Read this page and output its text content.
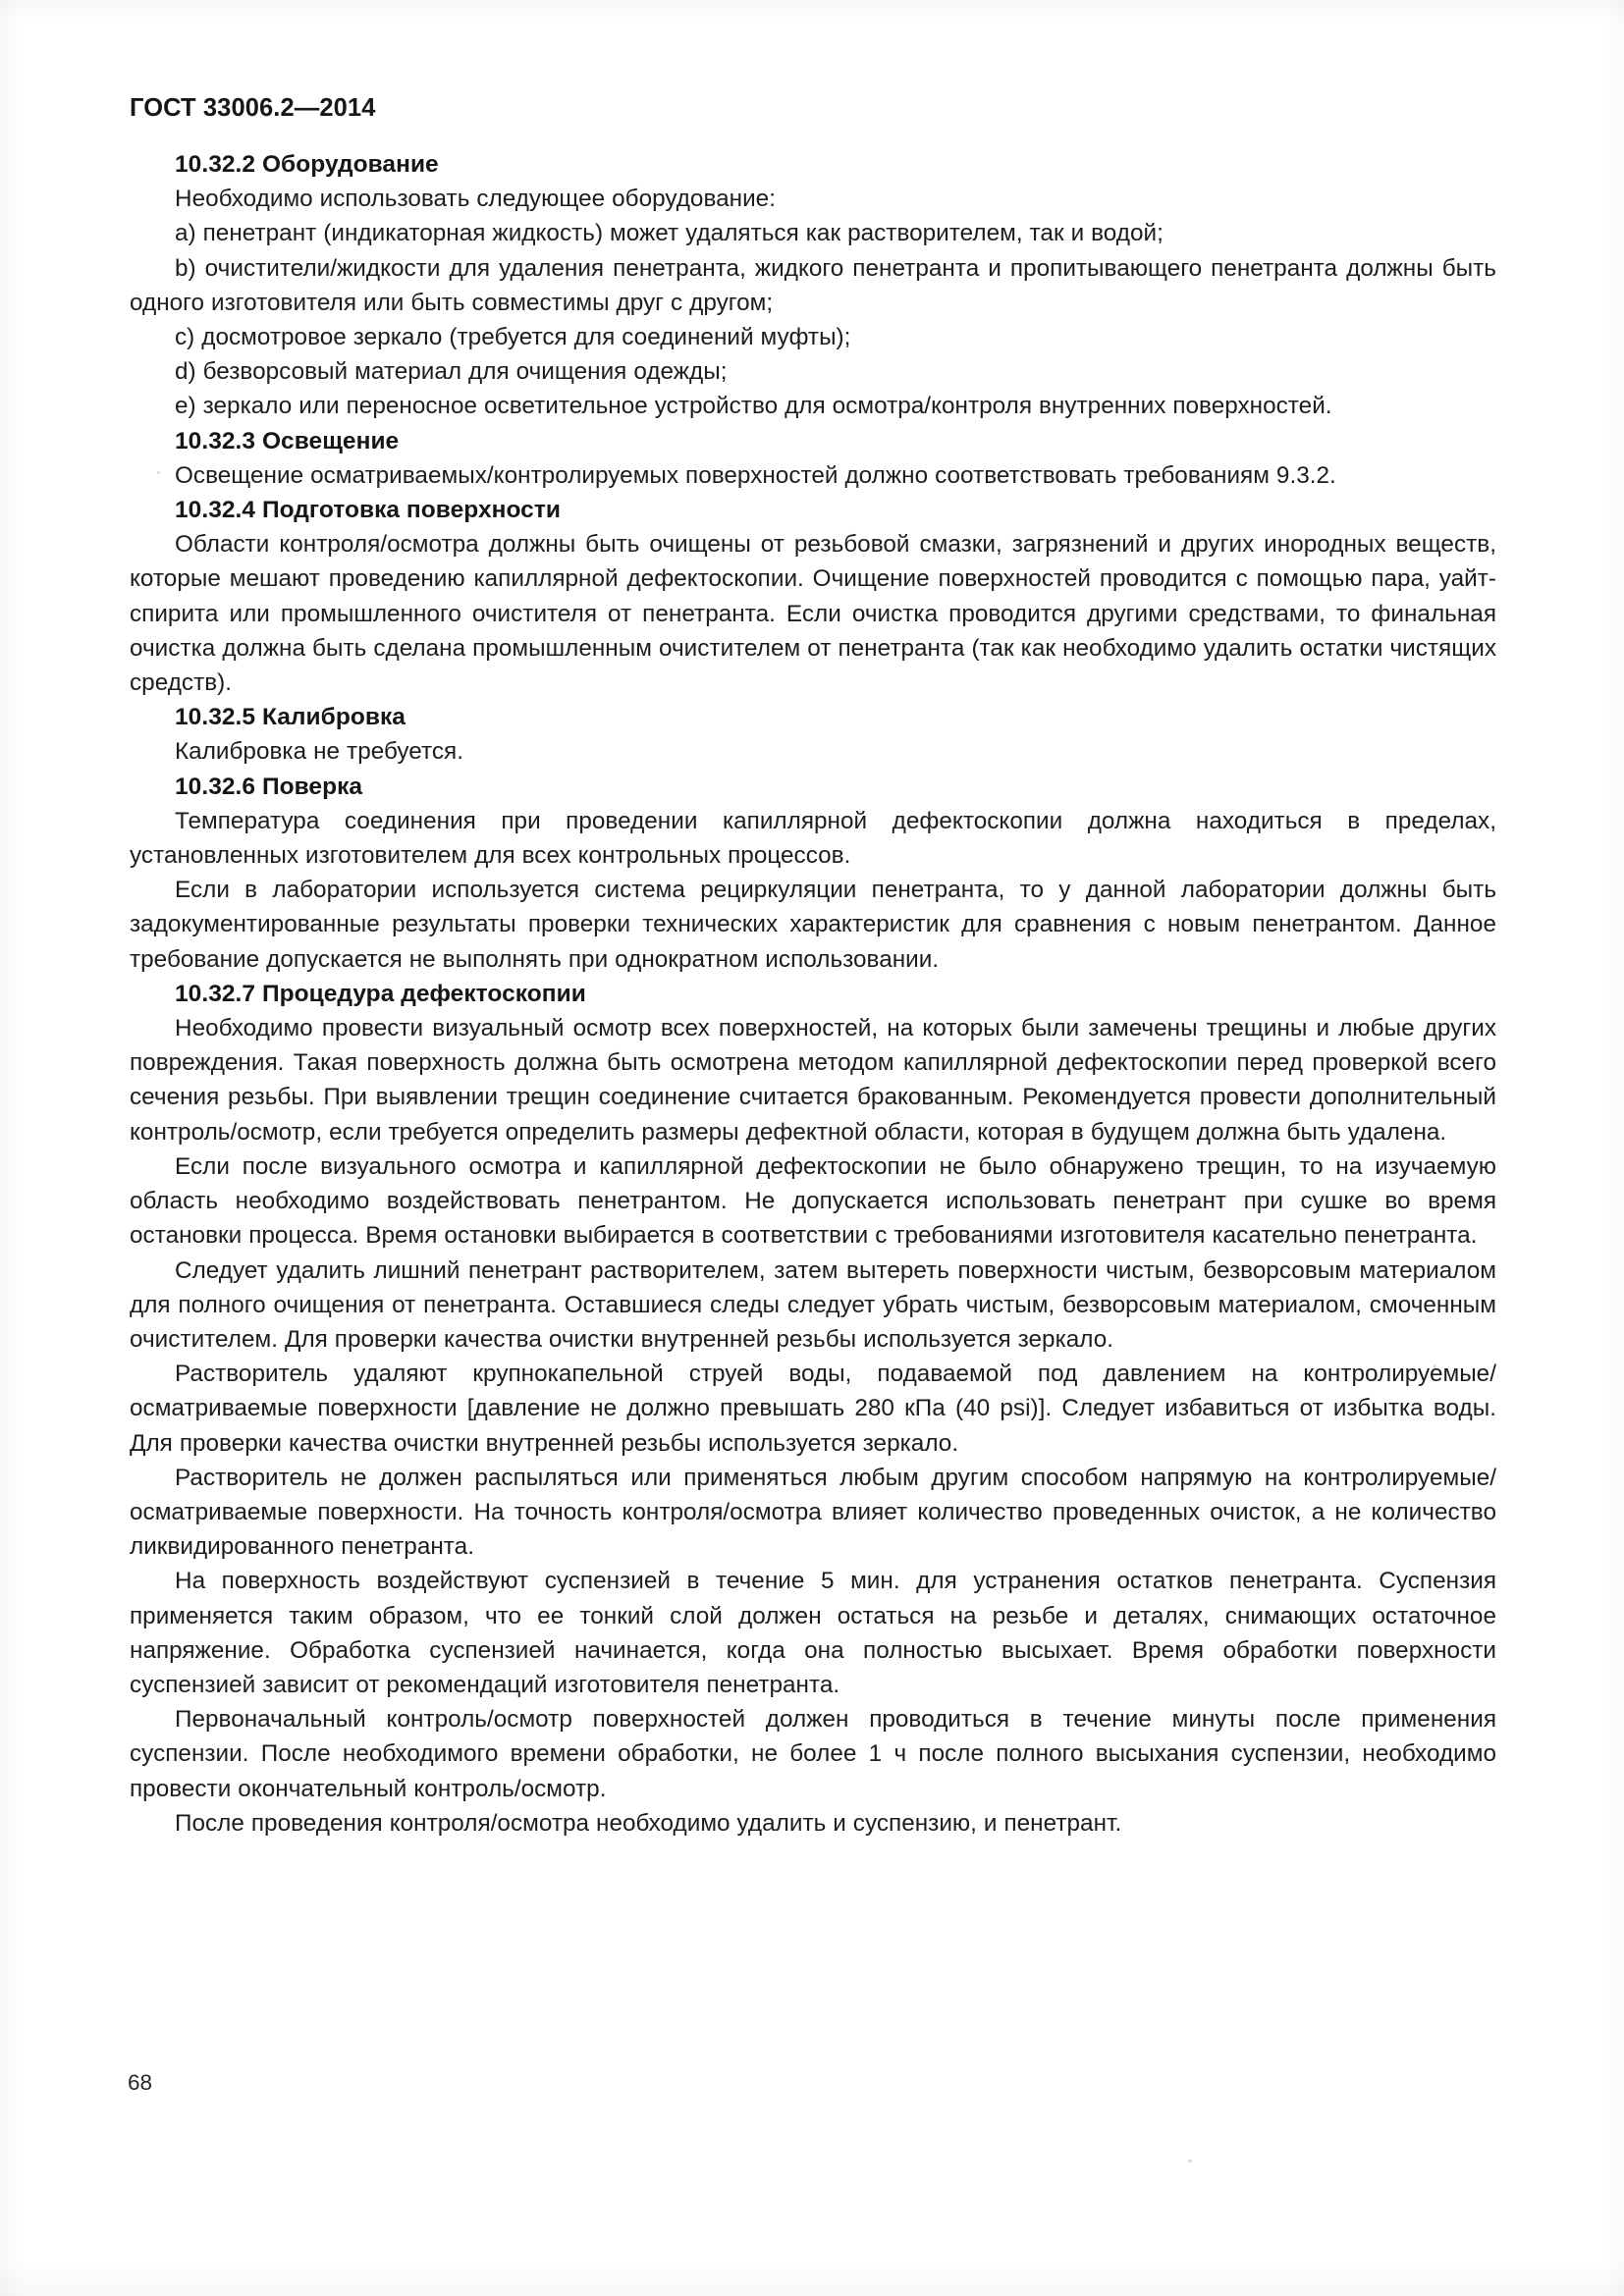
ГОСТ 33006.2—2014
10.32.2 Оборудование

Необходимо использовать следующее оборудование:

a) пенетрант (индикаторная жидкость) может удаляться как растворителем, так и водой;

b) очистители/жидкости для удаления пенетранта, жидкого пенетранта и пропитывающего пенетранта должны быть одного изготовителя или быть совместимы друг с другом;

c) досмотровое зеркало (требуется для соединений муфты);

d) безворсовый материал для очищения одежды;

e) зеркало или переносное осветительное устройство для осмотра/контроля внутренних поверхностей.

10.32.3 Освещение

Освещение осматриваемых/контролируемых поверхностей должно соответствовать требованиям 9.3.2.

10.32.4 Подготовка поверхности

Области контроля/осмотра должны быть очищены от резьбовой смазки, загрязнений и других инородных веществ, которые мешают проведению капиллярной дефектоскопии. Очищение поверхностей проводится с помощью пара, уайт-спирита или промышленного очистителя от пенетранта. Если очистка проводится другими средствами, то финальная очистка должна быть сделана промышленным очистителем от пенетранта (так как необходимо удалить остатки чистящих средств).

10.32.5 Калибровка

Калибровка не требуется.

10.32.6 Поверка

Температура соединения при проведении капиллярной дефектоскопии должна находиться в пределах, установленных изготовителем для всех контрольных процессов.

Если в лаборатории используется система рециркуляции пенетранта, то у данной лаборатории должны быть задокументированные результаты проверки технических характеристик для сравнения с новым пенетрантом. Данное требование допускается не выполнять при однократном использовании.

10.32.7 Процедура дефектоскопии

Необходимо провести визуальный осмотр всех поверхностей, на которых были замечены трещины и любые других повреждения. Такая поверхность должна быть осмотрена методом капиллярной дефектоскопии перед проверкой всего сечения резьбы. При выявлении трещин соединение считается бракованным. Рекомендуется провести дополнительный контроль/осмотр, если требуется определить размеры дефектной области, которая в будущем должна быть удалена.

Если после визуального осмотра и капиллярной дефектоскопии не было обнаружено трещин, то на изучаемую область необходимо воздействовать пенетрантом. Не допускается использовать пенетрант при сушке во время остановки процесса. Время остановки выбирается в соответствии с требованиями изготовителя касательно пенетранта.

Следует удалить лишний пенетрант растворителем, затем вытереть поверхности чистым, безворсовым материалом для полного очищения от пенетранта. Оставшиеся следы следует убрать чистым, безворсовым материалом, смоченным очистителем. Для проверки качества очистки внутренней резьбы используется зеркало.

Растворитель удаляют крупнокапельной струей воды, подаваемой под давлением на контролируемые/осматриваемые поверхности [давление не должно превышать 280 кПа (40 psi)]. Следует избавиться от избытка воды. Для проверки качества очистки внутренней резьбы используется зеркало.

Растворитель не должен распыляться или применяться любым другим способом напрямую на контролируемые/осматриваемые поверхности. На точность контроля/осмотра влияет количество проведенных очисток, а не количество ликвидированного пенетранта.

На поверхность воздействуют суспензией в течение 5 мин. для устранения остатков пенетранта. Суспензия применяется таким образом, что ее тонкий слой должен остаться на резьбе и деталях, снимающих остаточное напряжение. Обработка суспензией начинается, когда она полностью высыхает. Время обработки поверхности суспензией зависит от рекомендаций изготовителя пенетранта.

Первоначальный контроль/осмотр поверхностей должен проводиться в течение минуты после применения суспензии. После необходимого времени обработки, не более 1 ч после полного высыхания суспензии, необходимо провести окончательный контроль/осмотр.

После проведения контроля/осмотра необходимо удалить и суспензию, и пенетрант.

68
